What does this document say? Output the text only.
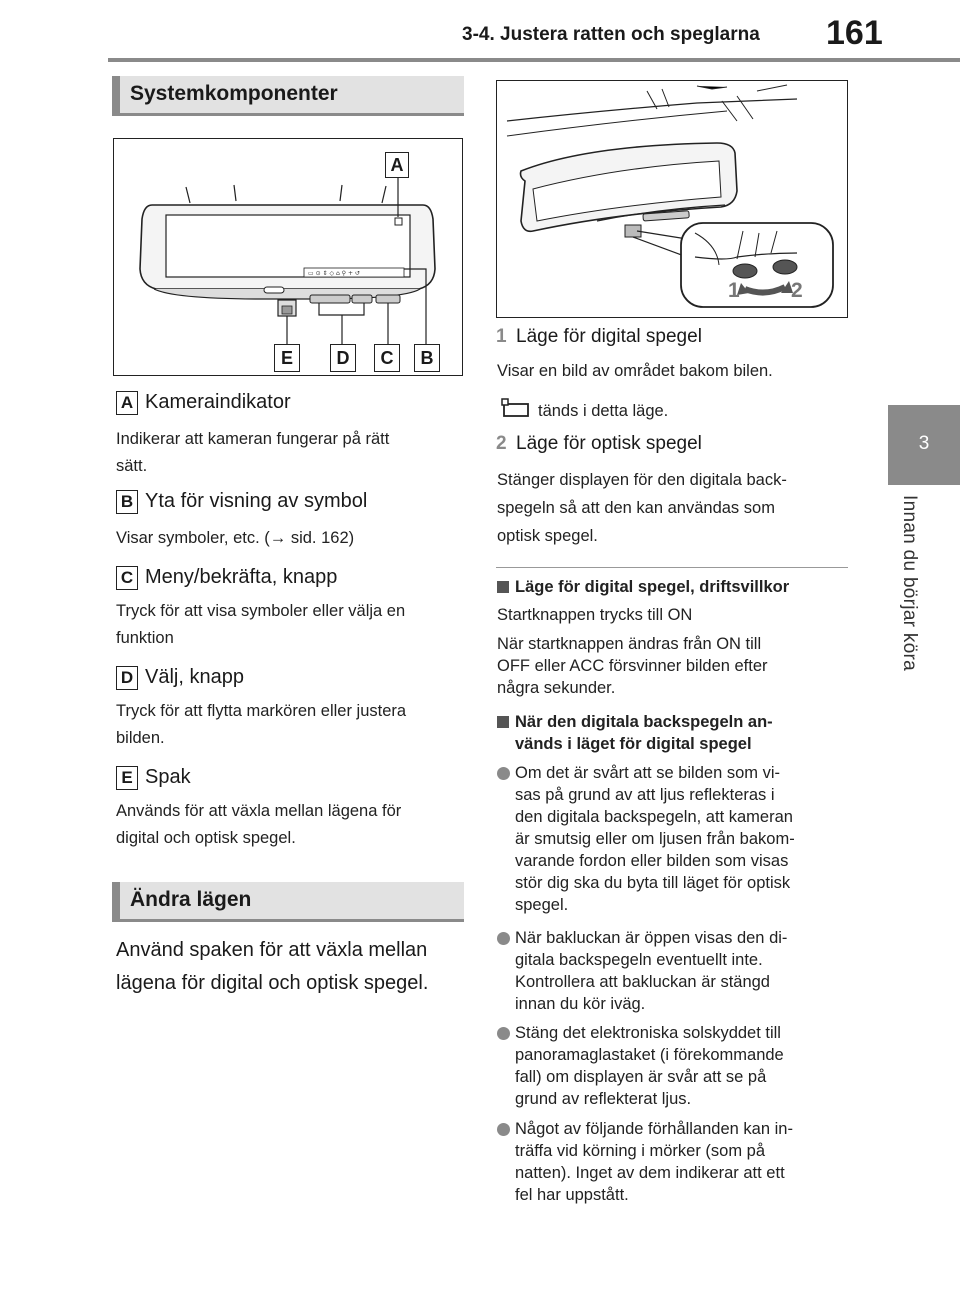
3-4. Justera ratten och speglarna 161
3
Innan du börjar köra
Systemkomponenter
▭ ⊙ ⇕ ◇ ⌂ ⚲ + ↺
A
E	D	C	B
A Kameraindikator
Indikerar att kameran fungerar på rätt
sätt.
B Yta för visning av symbol
Visar symboler, etc. (→ sid. 162)
C Meny/bekräfta, knapp
Tryck för att visa symboler eller välja en
funktion
D Välj, knapp
Tryck för att flytta markören eller justera
bilden.
E Spak
Används för att växla mellan lägena för
digital och optisk spegel.
Ändra lägen
Använd spaken för att växla mellan
lägena för digital och optisk spegel.
1 2
1 Läge för digital spegel
Visar en bild av området bakom bilen.
tänds i detta läge.
2 Läge för optisk spegel
Stänger displayen för den digitala back-
spegeln så att den kan användas som
optisk spegel.
Läge för digital spegel, driftsvillkor
Startknappen trycks till ON
När startknappen ändras från ON till
OFF eller ACC försvinner bilden efter
några sekunder.
När den digitala backspegeln an-
vänds i läget för digital spegel
Om det är svårt att se bilden som vi-
sas på grund av att ljus reflekteras i
den digitala backspegeln, att kameran
är smutsig eller om ljusen från bakom-
varande fordon eller bilden som visas
stör dig ska du byta till läget för optisk
spegel.
När bakluckan är öppen visas den di-
gitala backspegeln eventuellt inte.
Kontrollera att bakluckan är stängd
innan du kör iväg.
Stäng det elektroniska solskyddet till
panoramaglastaket (i förekommande
fall) om displayen är svår att se på
grund av reflekterat ljus.
Något av följande förhållanden kan in-
träffa vid körning i mörker (som på
natten). Inget av dem indikerar att ett
fel har uppstått.
